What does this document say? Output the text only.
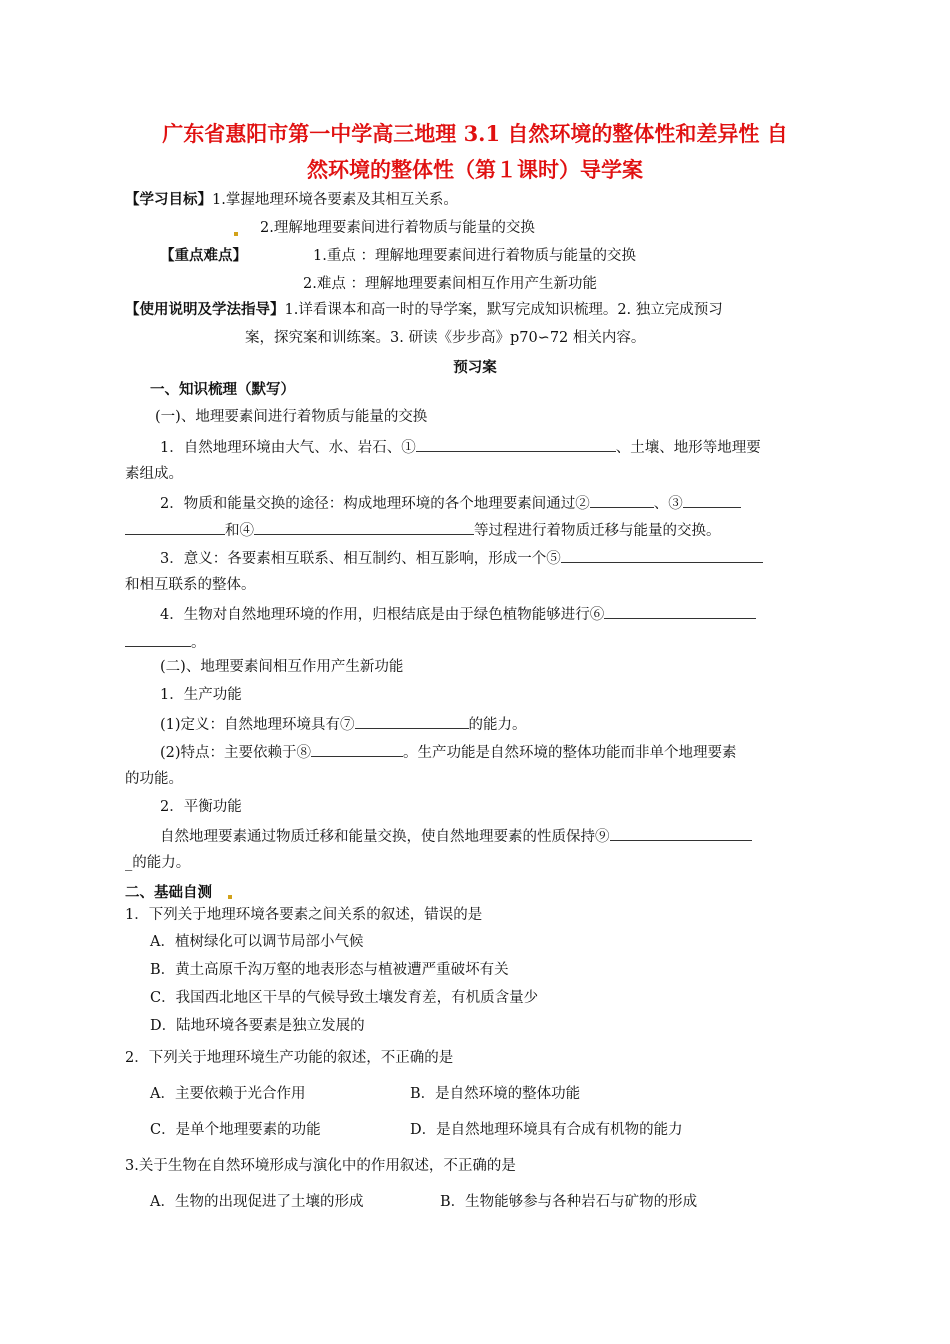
广东省惠阳市第一中学高三地理 3.1 自然环境的整体性和差异性 自
然环境的整体性（第１课时）导学案
【学习目标】1.掌握地理环境各要素及其相互关系。
2.理解地理要素间进行着物质与能量的交换
【重点难点】	1.重点 ：理解地理要素间进行着物质与能量的交换
2.难点 ：理解地理要素间相互作用产生新功能
【使用说明及学法指导】1.详看课本和高一时的导学案，默写完成知识梳理。2. 独立完成预习
案，探究案和训练案。3. 研读《步步高》p70∽72 相关内容。
预习案
一、知识梳理（默写）
(一)、地理要素间进行着物质与能量的交换
1．自然地理环境由大气、水、岩石、①	、土壤、地形等地理要
素组成。
2．物质和能量交换的途径：构成地理环境的各个地理要素间通过②	、③
和④	等过程进行着物质迁移与能量的交换。
3．意义：各要素相互联系、相互制约、相互影响，形成一个⑤
和相互联系的整体。
4．生物对自然地理环境的作用，归根结底是由于绿色植物能够进行⑥
。
(二)、地理要素间相互作用产生新功能
1．生产功能
(1)定义：自然地理环境具有⑦	的能力。
(2)特点：主要依赖于⑧	。生产功能是自然环境的整体功能而非单个地理要素
的功能。
2．平衡功能
自然地理要素通过物质迁移和能量交换，使自然地理要素的性质保持⑨
_的能力。
二、基础自测
1．下列关于地理环境各要素之间关系的叙述，错误的是
A．植树绿化可以调节局部小气候
B．黄土高原千沟万壑的地表形态与植被遭严重破坏有关
C．我国西北地区干旱的气候导致土壤发育差，有机质含量少
D．陆地环境各要素是独立发展的
2．下列关于地理环境生产功能的叙述，不正确的是
A．主要依赖于光合作用	B．是自然环境的整体功能
C．是单个地理要素的功能	D．是自然地理环境具有合成有机物的能力
3.关于生物在自然环境形成与演化中的作用叙述，不正确的是
A．生物的出现促进了土壤的形成	B．生物能够参与各种岩石与矿物的形成
